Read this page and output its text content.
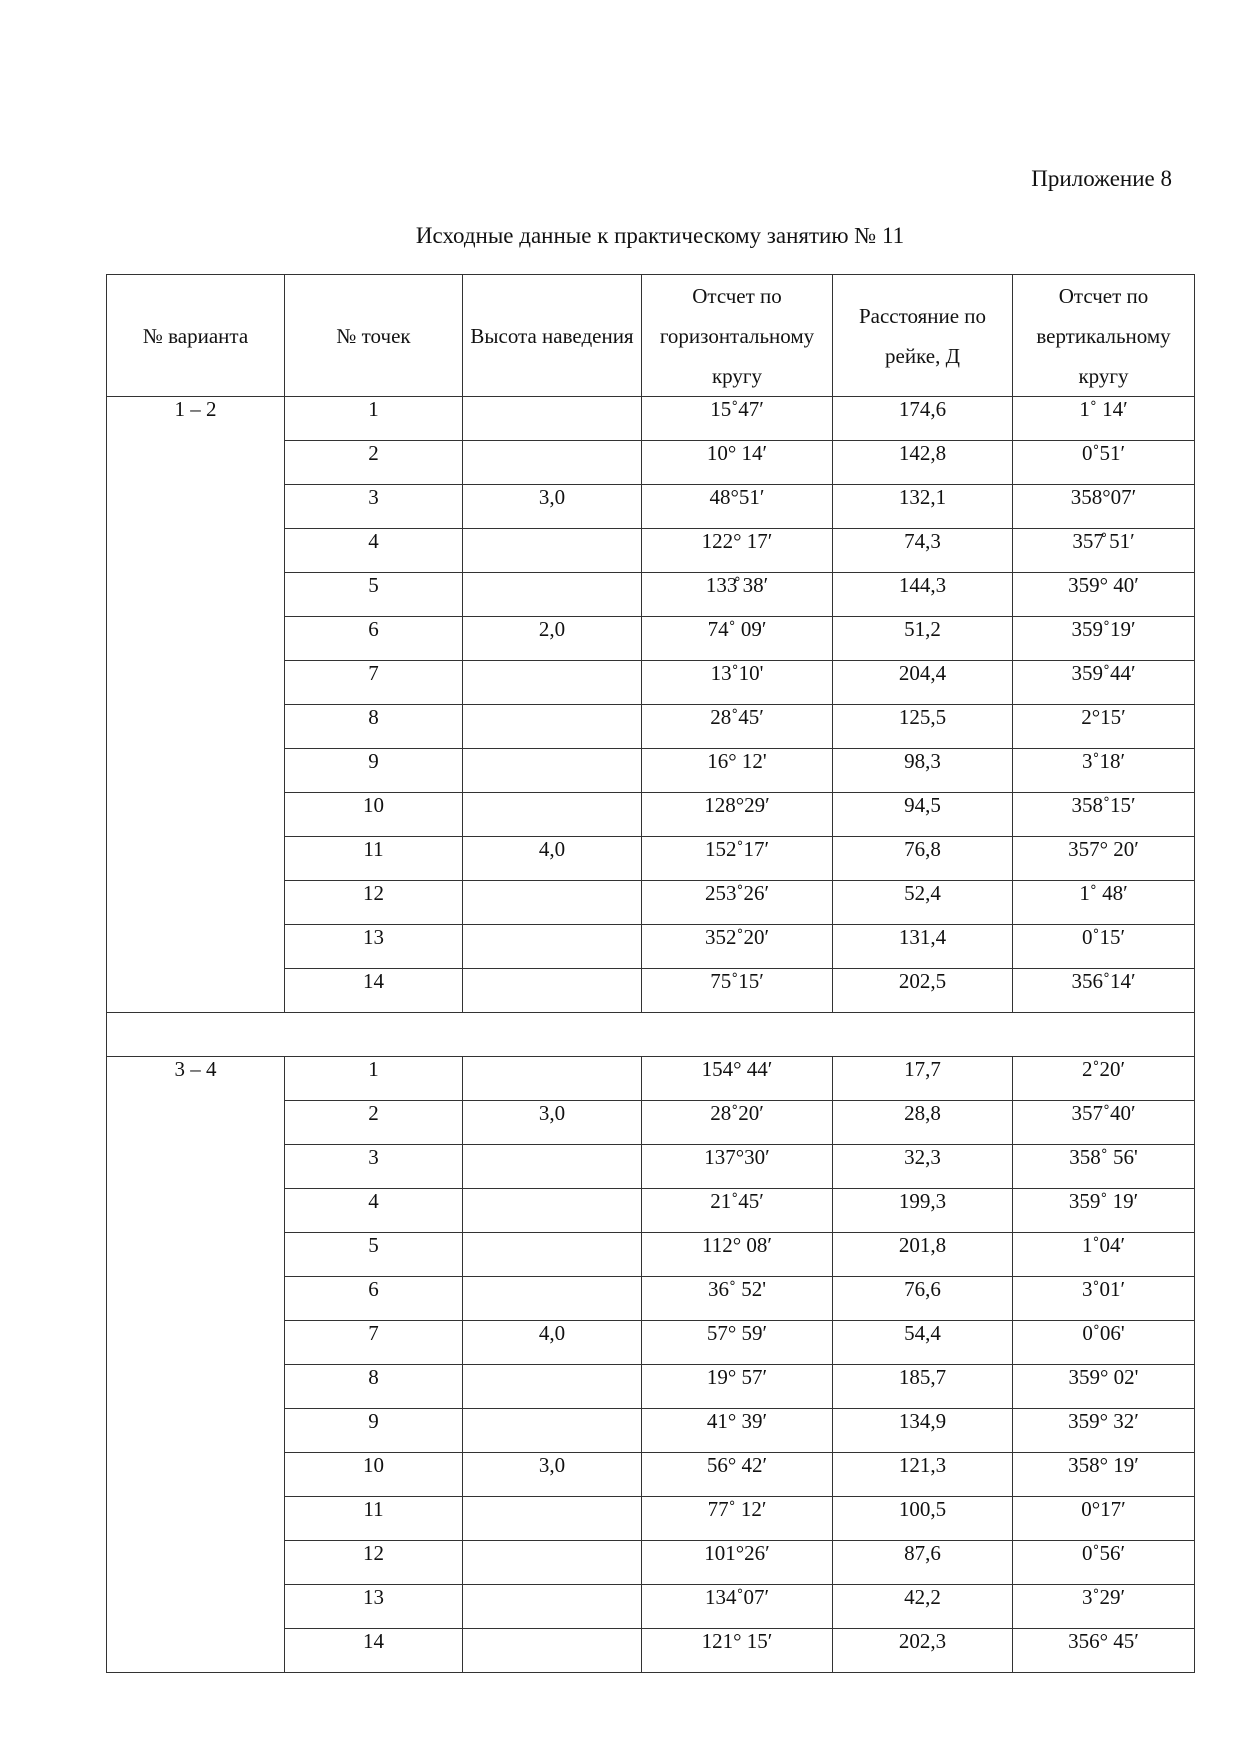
Приложение 8
Исходные данные к практическому занятию № 11
№ варианта	№ точек	Высота наведения	Отсчет по горизонтальному кругу	Расстояние по рейке, Д	Отсчет по вертикальному кругу
1 – 2	1		15˚47′	174,6	1˚ 14′
	2		10° 14′	142,8	0˚51′
	3	3,0	48°51′	132,1	358°07′
	4		122° 17′	74,3	357̊ 51′
	5		133̊ 38′	144,3	359° 40′
	6	2,0	74˚ 09′	51,2	359˚19′
	7		13˚10'	204,4	359˚44′
	8		28˚45′	125,5	2°15′
	9		16° 12'	98,3	3˚18′
	10		128°29′	94,5	358˚15′
	11	4,0	152˚17′	76,8	357° 20′
	12		253˚26′	52,4	1˚ 48′
	13		352˚20′	131,4	0˚15′
	14		75˚15′	202,5	356˚14′

3 – 4	1		154° 44′	17,7	2˚20′
	2	3,0	28˚20′	28,8	357˚40′
	3		137°30′	32,3	358˚ 56'
	4		21˚45′	199,3	359˚ 19′
	5		112° 08′	201,8	1˚04′
	6		36˚ 52'	76,6	3˚01′
	7	4,0	57° 59′	54,4	0˚06'
	8		19° 57′	185,7	359° 02'
	9		41° 39′	134,9	359° 32′
	10	3,0	56° 42′	121,3	358° 19′
	11		77˚ 12′	100,5	0°17′
	12		101°26′	87,6	0˚56′
	13		134˚07′	42,2	3˚29′
	14		121° 15′	202,3	356° 45′
